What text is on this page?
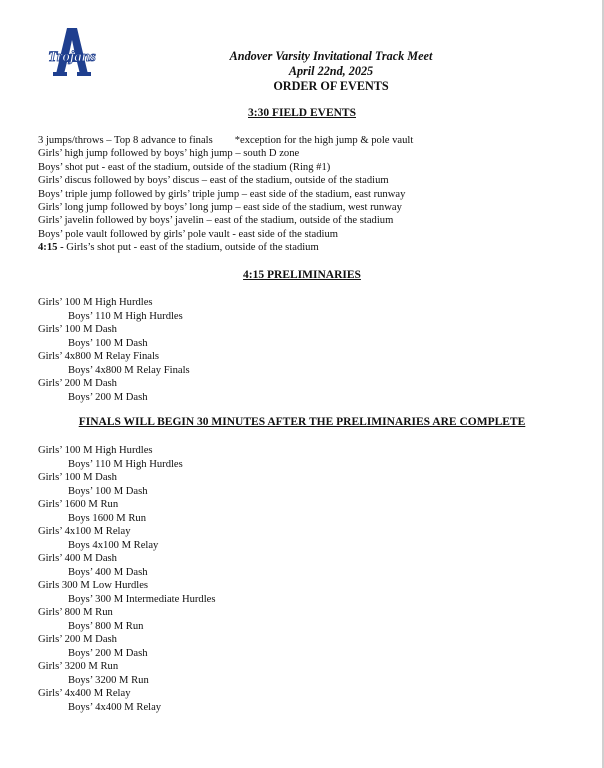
Trojans	Andover Varsity Invitational Track Meet
April 22nd, 2025
ORDER OF EVENTS
3:30 FIELD EVENTS
3 jumps/throws – Top 8 advance to finals *exception for the high jump & pole vault
Girls’ high jump followed by boys’ high jump – south D zone
Boys’ shot put - east of the stadium, outside of the stadium (Ring #1)
Girls’ discus followed by boys’ discus – east of the stadium, outside of the stadium
Boys’ triple jump followed by girls’ triple jump – east side of the stadium, east runway
Girls’ long jump followed by boys’ long jump – east side of the stadium, west runway
Girls’ javelin followed by boys’ javelin – east of the stadium, outside of the stadium
Boys’ pole vault followed by girls’ pole vault - east side of the stadium
4:15 - Girls’s shot put - east of the stadium, outside of the stadium
4:15 PRELIMINARIES
Girls’ 100 M High Hurdles
Boys’ 110 M High Hurdles
Girls’ 100 M Dash
Boys’ 100 M Dash
Girls’ 4x800 M Relay Finals
Boys’ 4x800 M Relay Finals
Girls’ 200 M Dash
Boys’ 200 M Dash
FINALS WILL BEGIN 30 MINUTES AFTER THE PRELIMINARIES ARE COMPLETE
Girls’ 100 M High Hurdles
Boys’ 110 M High Hurdles
Girls’ 100 M Dash
Boys’ 100 M Dash
Girls’ 1600 M Run
Boys 1600 M Run
Girls’ 4x100 M Relay
Boys 4x100 M Relay
Girls’ 400 M Dash
Boys’ 400 M Dash
Girls 300 M Low Hurdles
Boys’ 300 M Intermediate Hurdles
Girls’ 800 M Run
Boys’ 800 M Run
Girls’ 200 M Dash
Boys’ 200 M Dash
Girls’ 3200 M Run
Boys’ 3200 M Run
Girls’ 4x400 M Relay
Boys’ 4x400 M Relay
